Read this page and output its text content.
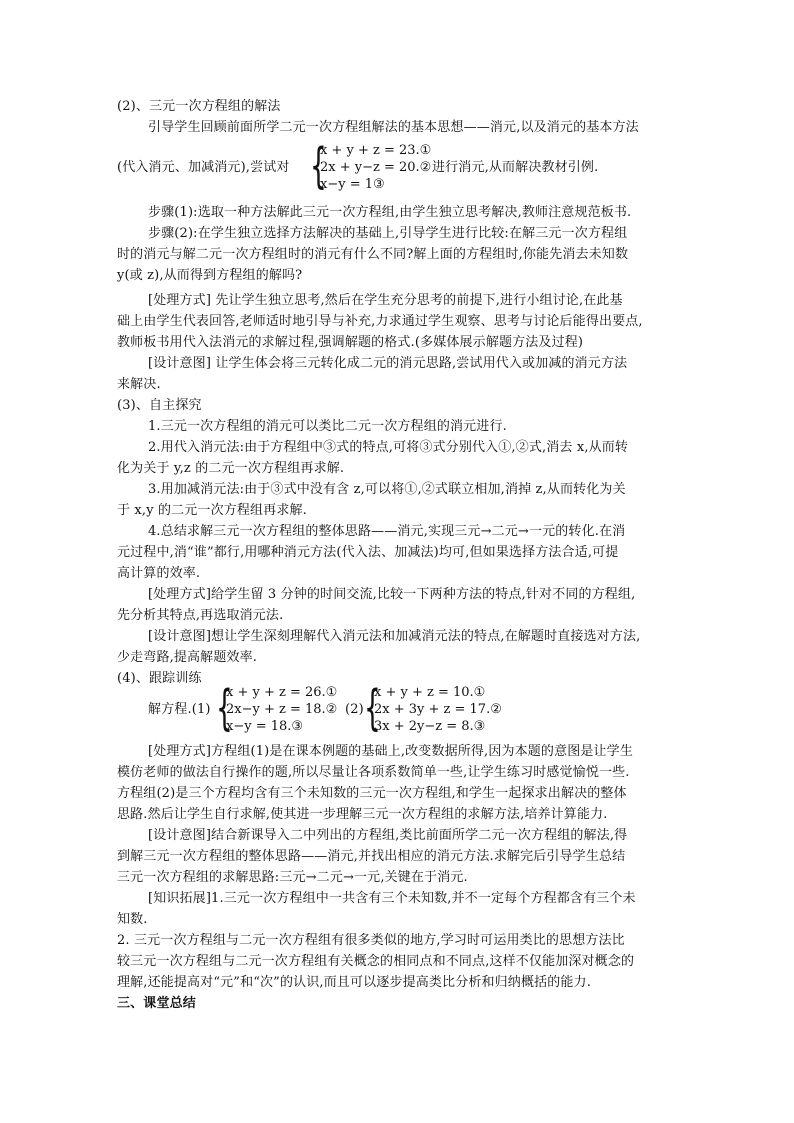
(2)、三元一次方程组的解法
引导学生回顾前面所学二元一次方程组解法的基本思想——消元,以及消元的基本方法
(代入消元、加减消元),尝试对 {
x + y + z = 23.①
2x + y−z = 20.②
x−y = 1③
进行消元,从而解决教材引例.
步骤(1):选取一种方法解此三元一次方程组,由学生独立思考解决,教师注意规范板书.
步骤(2):在学生独立选择方法解决的基础上,引导学生进行比较:在解三元一次方程组
时的消元与解二元一次方程组时的消元有什么不同?解上面的方程组时,你能先消去未知数
y(或 z),从而得到方程组的解吗?
[处理方式] 先让学生独立思考,然后在学生充分思考的前提下,进行小组讨论,在此基
础上由学生代表回答,老师适时地引导与补充,力求通过学生观察、思考与讨论后能得出要点,
教师板书用代入法消元的求解过程,强调解题的格式.(多媒体展示解题方法及过程)
[设计意图] 让学生体会将三元转化成二元的消元思路,尝试用代入或加减的消元方法
来解决.
(3)、自主探究
1.三元一次方程组的消元可以类比二元一次方程组的消元进行.
2.用代入消元法:由于方程组中③式的特点,可将③式分别代入①,②式,消去 x,从而转
化为关于 y,z 的二元一次方程组再求解.
3.用加减消元法:由于③式中没有含 z,可以将①,②式联立相加,消掉 z,从而转化为关
于 x,y 的二元一次方程组再求解.
4.总结求解三元一次方程组的整体思路——消元,实现三元→二元→一元的转化.在消
元过程中,消“谁”都行,用哪种消元方法(代入法、加减法)均可,但如果选择方法合适,可提
高计算的效率.
[处理方式]给学生留 3 分钟的时间交流,比较一下两种方法的特点,针对不同的方程组,
先分析其特点,再选取消元法.
[设计意图]想让学生深刻理解代入消元法和加减消元法的特点,在解题时直接选对方法,
少走弯路,提高解题效率.
(4)、跟踪训练
解方程.(1) {
x + y + z = 26.①
2x−y + z = 18.②
x−y = 18.③
(2) {
x + y + z = 10.①
2x + 3y + z = 17.②
3x + 2y−z = 8.③
[处理方式]方程组(1)是在课本例题的基础上,改变数据所得,因为本题的意图是让学生
模仿老师的做法自行操作的题,所以尽量让各项系数简单一些,让学生练习时感觉愉悦一些.
方程组(2)是三个方程均含有三个未知数的三元一次方程组,和学生一起探求出解决的整体
思路.然后让学生自行求解,使其进一步理解三元一次方程组的求解方法,培养计算能力.
[设计意图]结合新课导入二中列出的方程组,类比前面所学二元一次方程组的解法,得
到解三元一次方程组的整体思路——消元,并找出相应的消元方法.求解完后引导学生总结
三元一次方程组的求解思路:三元→二元→一元,关键在于消元.
[知识拓展]1.三元一次方程组中一共含有三个未知数,并不一定每个方程都含有三个未
知数.
2. 三元一次方程组与二元一次方程组有很多类似的地方,学习时可运用类比的思想方法比
较三元一次方程组与二元一次方程组有关概念的相同点和不同点,这样不仅能加深对概念的
理解,还能提高对“元”和“次”的认识,而且可以逐步提高类比分析和归纳概括的能力.
三、课堂总结
